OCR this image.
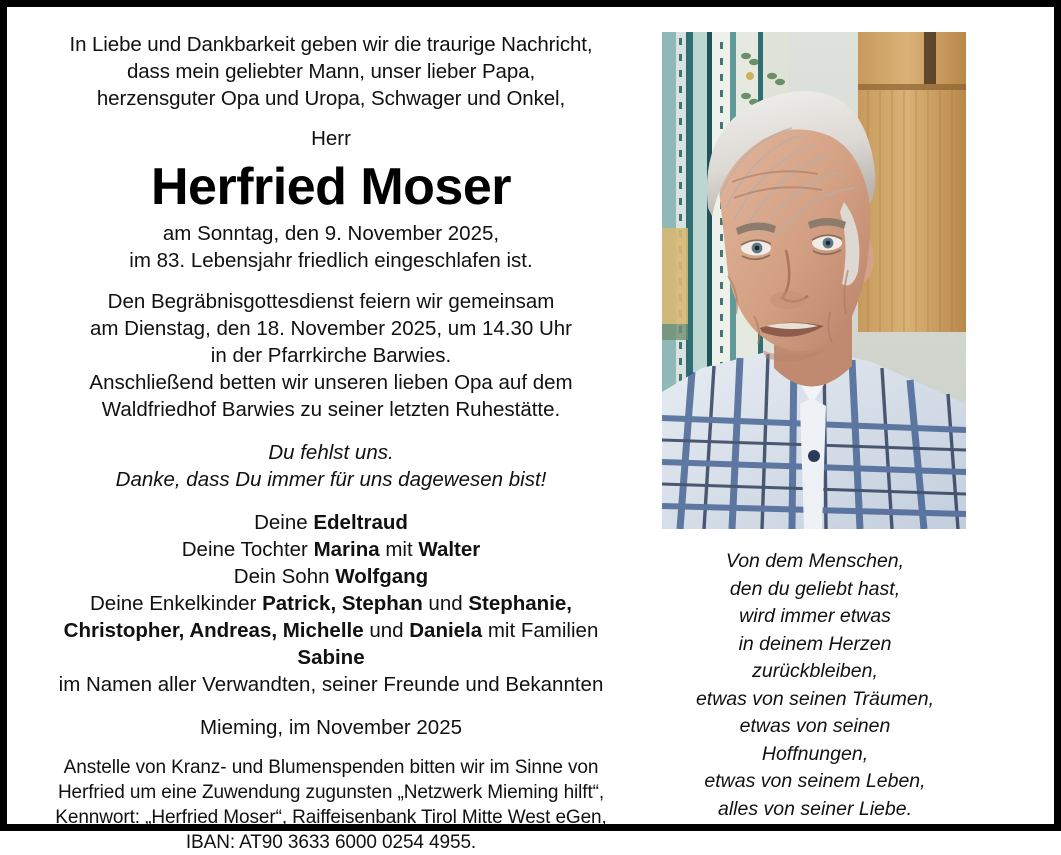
In Liebe und Dankbarkeit geben wir die traurige Nachricht,
dass mein geliebter Mann, unser lieber Papa,
herzensguter Opa und Uropa, Schwager und Onkel,
Herr
Herfried Moser
am Sonntag, den 9. November 2025,
im 83. Lebensjahr friedlich eingeschlafen ist.
Den Begräbnisgottesdienst feiern wir gemeinsam
am Dienstag, den 18. November 2025, um 14.30 Uhr
in der Pfarrkirche Barwies.
Anschließend betten wir unseren lieben Opa auf dem
Waldfriedhof Barwies zu seiner letzten Ruhestätte.
Du fehlst uns.
Danke, dass Du immer für uns dagewesen bist!
Deine Edeltraud
Deine Tochter Marina mit Walter
Dein Sohn Wolfgang
Deine Enkelkinder Patrick, Stephan und Stephanie,
Christopher, Andreas, Michelle und Daniela mit Familien
Sabine
im Namen aller Verwandten, seiner Freunde und Bekannten
Mieming, im November 2025
Anstelle von Kranz- und Blumenspenden bitten wir im Sinne von
Herfried um eine Zuwendung zugunsten „Netzwerk Mieming hilft“,
Kennwort: „Herfried Moser“, Raiffeisenbank Tirol Mitte West eGen,
IBAN: AT90 3633 6000 0254 4955.
Von dem Menschen,
den du geliebt hast,
wird immer etwas
in deinem Herzen
zurückbleiben,
etwas von seinen Träumen,
etwas von seinen
Hoffnungen,
etwas von seinem Leben,
alles von seiner Liebe.
